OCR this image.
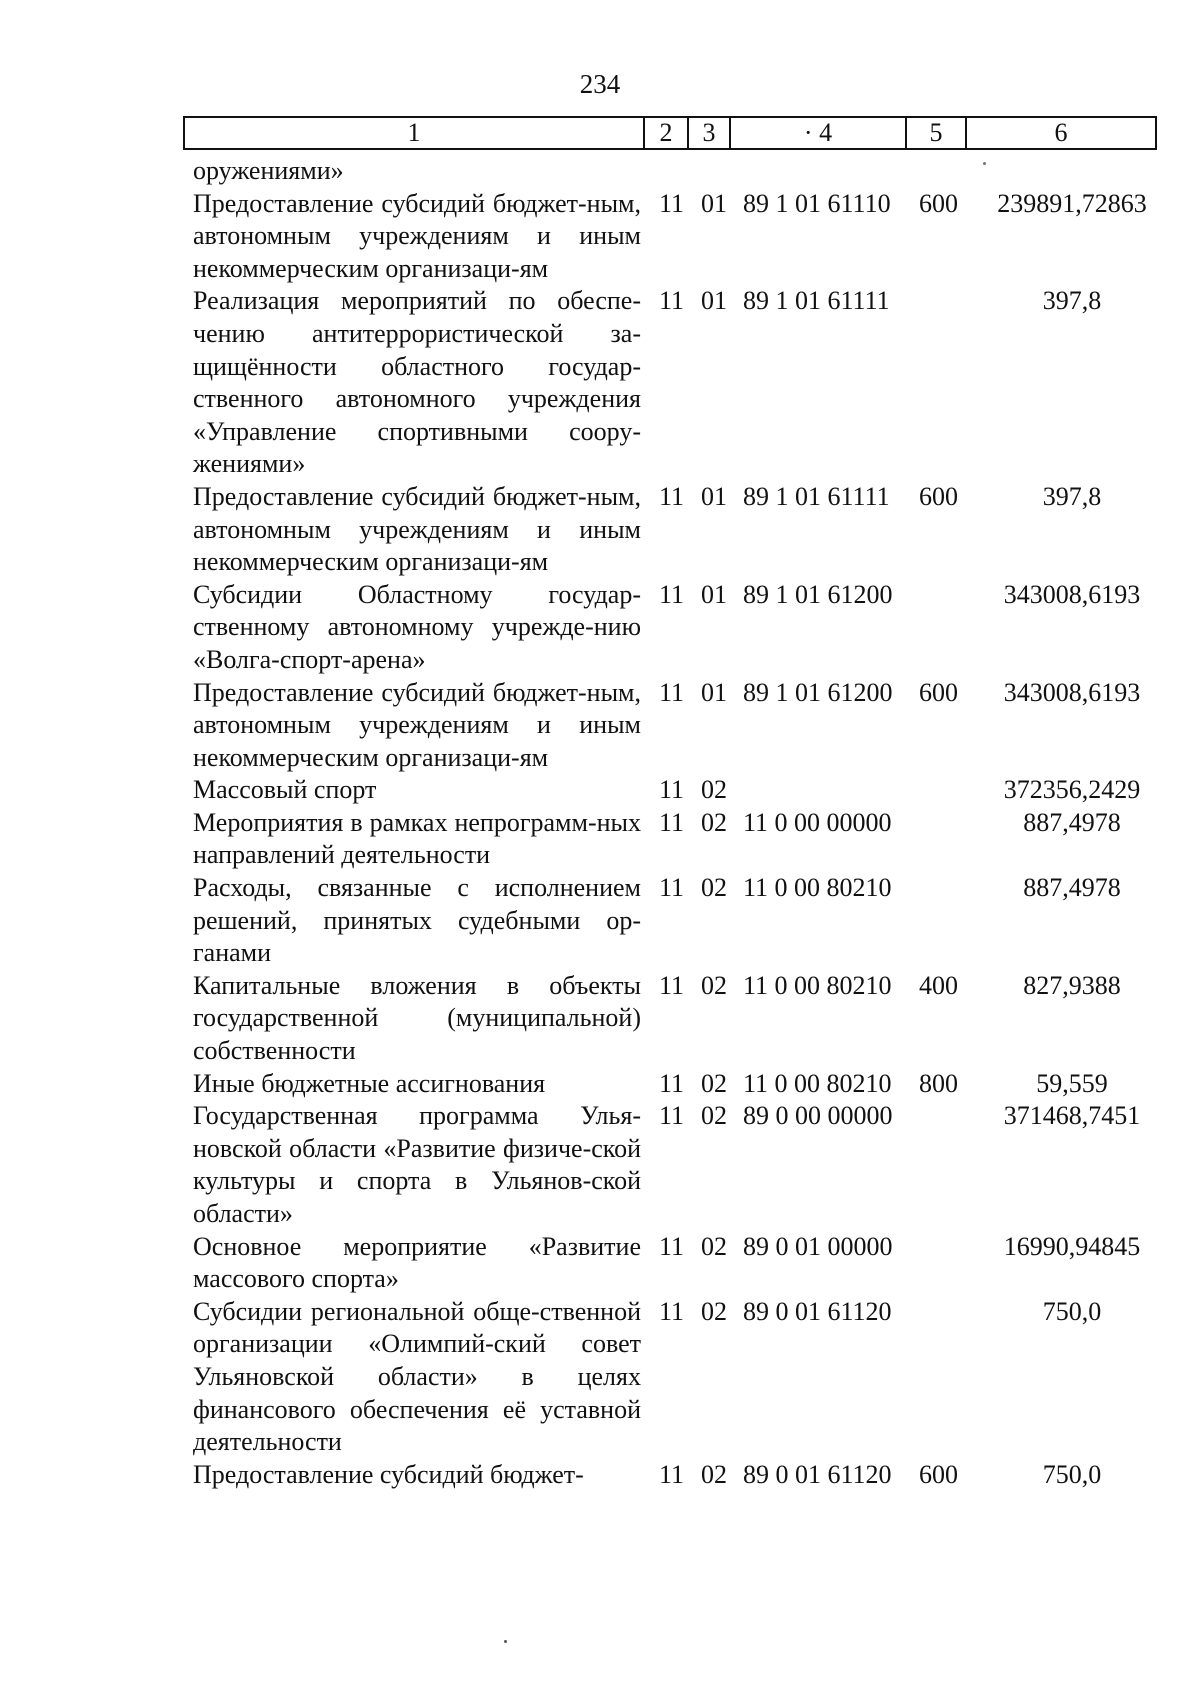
234
1	2	3	· 4	5	6
оружениями»					
Предоставление субсидий бюджет-ным, автономным учреждениям и иным некоммерческим организаци-ям	11	01	89 1 01 61110	600	239891,72863
Реализация мероприятий по обеспе-чению антитеррористической за-щищённости областного государ-ственного автономного учреждения «Управление спортивными соору-жениями»	11	01	89 1 01 61111		397,8
Предоставление субсидий бюджет-ным, автономным учреждениям и иным некоммерческим организаци-ям	11	01	89 1 01 61111	600	397,8
Субсидии Областному государ-ственному автономному учрежде-нию «Волга-спорт-арена»	11	01	89 1 01 61200		343008,6193
Предоставление субсидий бюджет-ным, автономным учреждениям и иным некоммерческим организаци-ям	11	01	89 1 01 61200	600	343008,6193
Массовый спорт	11	02			372356,2429
Мероприятия в рамках непрограмм-ных направлений деятельности	11	02	11 0 00 00000		887,4978
Расходы, связанные с исполнением решений, принятых судебными ор-ганами	11	02	11 0 00 80210		887,4978
Капитальные вложения в объекты государственной (муниципальной) собственности	11	02	11 0 00 80210	400	827,9388
Иные бюджетные ассигнования	11	02	11 0 00 80210	800	59,559
Государственная программа Улья-новской области «Развитие физиче-ской культуры и спорта в Ульянов-ской области»	11	02	89 0 00 00000		371468,7451
Основное мероприятие «Развитие массового спорта»	11	02	89 0 01 00000		16990,94845
Субсидии региональной обще-ственной организации «Олимпий-ский совет Ульяновской области» в целях финансового обеспечения её уставной деятельности	11	02	89 0 01 61120		750,0
Предоставление субсидий бюджет-	11	02	89 0 01 61120	600	750,0
